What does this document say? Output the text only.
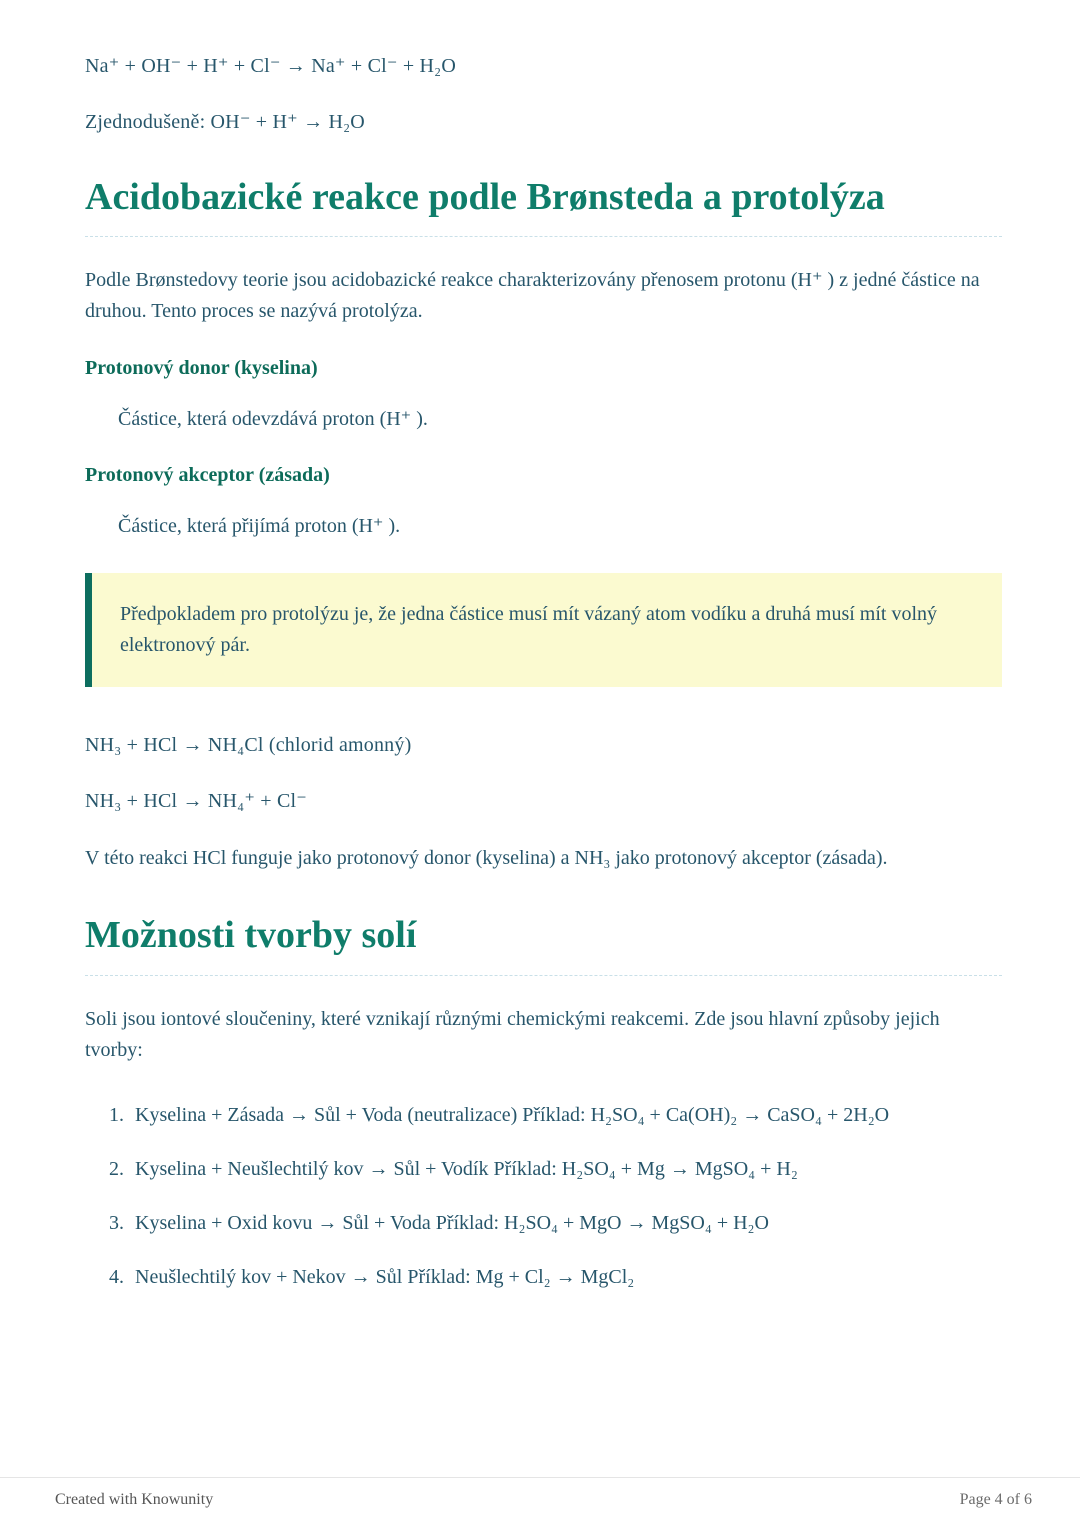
Na⁺ + OH⁻ + H⁺ + Cl⁻ → Na⁺ + Cl⁻ + H₂O
Zjednodušeně: OH⁻ + H⁺ → H₂O
Acidobazické reakce podle Brønsteda a protolýza

Podle Brønstedovy teorie jsou acidobazické reakce charakterizovány přenosem protonu (H⁺ ) z jedné částice na druhou. Tento proces se nazývá protolýza.

Protonový donor (kyselina)
Částice, která odevzdává proton (H⁺ ).
Protonový akceptor (zásada)
Částice, která přijímá proton (H⁺ ).
Předpokladem pro protolýzu je, že jedna částice musí mít vázaný atom vodíku a druhá musí mít volný elektronový pár.
NH₃ + HCl → NH₄Cl (chlorid amonný)
NH₃ + HCl → NH₄⁺ + Cl⁻

V této reakci HCl funguje jako protonový donor (kyselina) a NH₃ jako protonový akceptor (zásada).

Možnosti tvorby solí

Soli jsou iontové sloučeniny, které vznikají různými chemickými reakcemi. Zde jsou hlavní způsoby jejich tvorby:

1. Kyselina + Zásada → Sůl + Voda (neutralizace) Příklad: H₂SO₄ + Ca(OH)₂ → CaSO₄ + 2H₂O
2. Kyselina + Neušlechtilý kov → Sůl + Vodík Příklad: H₂SO₄ + Mg → MgSO₄ + H₂
3. Kyselina + Oxid kovu → Sůl + Voda Příklad: H₂SO₄ + MgO → MgSO₄ + H₂O
4. Neušlechtilý kov + Nekov → Sůl Příklad: Mg + Cl₂ → MgCl₂
Created with Knowunity	Page 4 of 6
